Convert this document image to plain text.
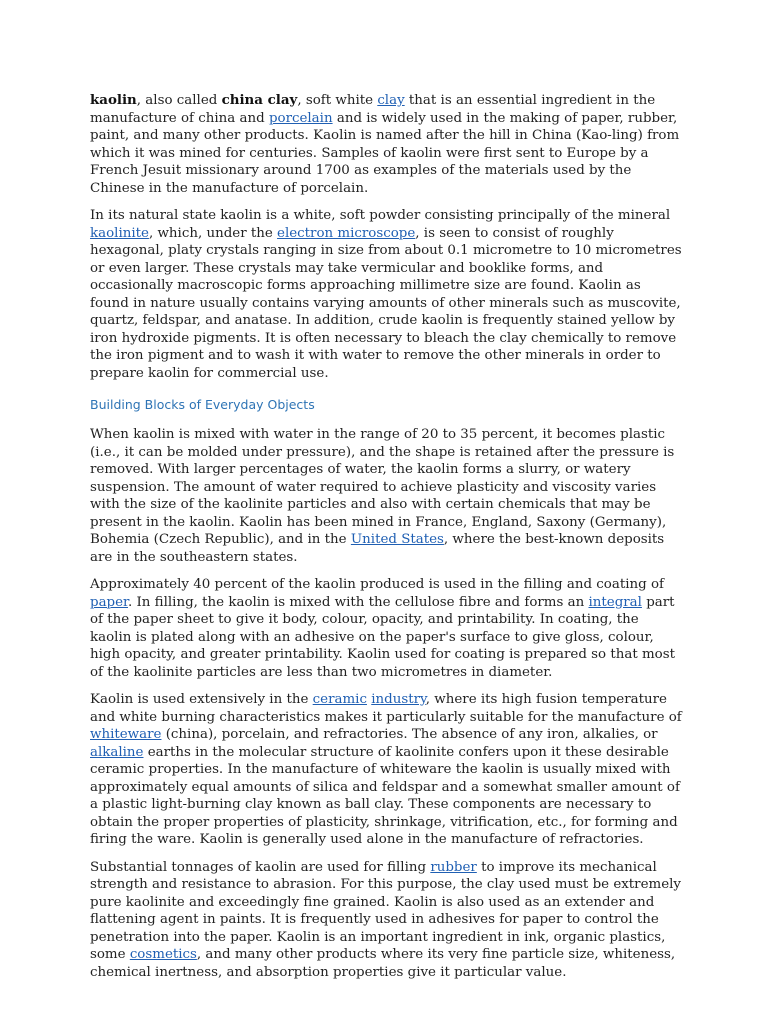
kaolin, also called china clay, soft white clay that is an essential ingredient in the manufacture of china and porcelain and is widely used in the making of paper, rubber, paint, and many other products. Kaolin is named after the hill in China (Kao-ling) from which it was mined for centuries. Samples of kaolin were first sent to Europe by a French Jesuit missionary around 1700 as examples of the materials used by the Chinese in the manufacture of porcelain.

In its natural state kaolin is a white, soft powder consisting principally of the mineral kaolinite, which, under the electron microscope, is seen to consist of roughly hexagonal, platy crystals ranging in size from about 0.1 micrometre to 10 micrometres or even larger. These crystals may take vermicular and booklike forms, and occasionally macroscopic forms approaching millimetre size are found. Kaolin as found in nature usually contains varying amounts of other minerals such as muscovite, quartz, feldspar, and anatase. In addition, crude kaolin is frequently stained yellow by iron hydroxide pigments. It is often necessary to bleach the clay chemically to remove the iron pigment and to wash it with water to remove the other minerals in order to prepare kaolin for commercial use.

Building Blocks of Everyday Objects

When kaolin is mixed with water in the range of 20 to 35 percent, it becomes plastic (i.e., it can be molded under pressure), and the shape is retained after the pressure is removed. With larger percentages of water, the kaolin forms a slurry, or watery suspension. The amount of water required to achieve plasticity and viscosity varies with the size of the kaolinite particles and also with certain chemicals that may be present in the kaolin. Kaolin has been mined in France, England, Saxony (Germany), Bohemia (Czech Republic), and in the United States, where the best-known deposits are in the southeastern states.

Approximately 40 percent of the kaolin produced is used in the filling and coating of paper. In filling, the kaolin is mixed with the cellulose fibre and forms an integral part of the paper sheet to give it body, colour, opacity, and printability. In coating, the kaolin is plated along with an adhesive on the paper's surface to give gloss, colour, high opacity, and greater printability. Kaolin used for coating is prepared so that most of the kaolinite particles are less than two micrometres in diameter.

Kaolin is used extensively in the ceramic industry, where its high fusion temperature and white burning characteristics makes it particularly suitable for the manufacture of whiteware (china), porcelain, and refractories. The absence of any iron, alkalies, or alkaline earths in the molecular structure of kaolinite confers upon it these desirable ceramic properties. In the manufacture of whiteware the kaolin is usually mixed with approximately equal amounts of silica and feldspar and a somewhat smaller amount of a plastic light-burning clay known as ball clay. These components are necessary to obtain the proper properties of plasticity, shrinkage, vitrification, etc., for forming and firing the ware. Kaolin is generally used alone in the manufacture of refractories.

Substantial tonnages of kaolin are used for filling rubber to improve its mechanical strength and resistance to abrasion. For this purpose, the clay used must be extremely pure kaolinite and exceedingly fine grained. Kaolin is also used as an extender and flattening agent in paints. It is frequently used in adhesives for paper to control the penetration into the paper. Kaolin is an important ingredient in ink, organic plastics, some cosmetics, and many other products where its very fine particle size, whiteness, chemical inertness, and absorption properties give it particular value.
